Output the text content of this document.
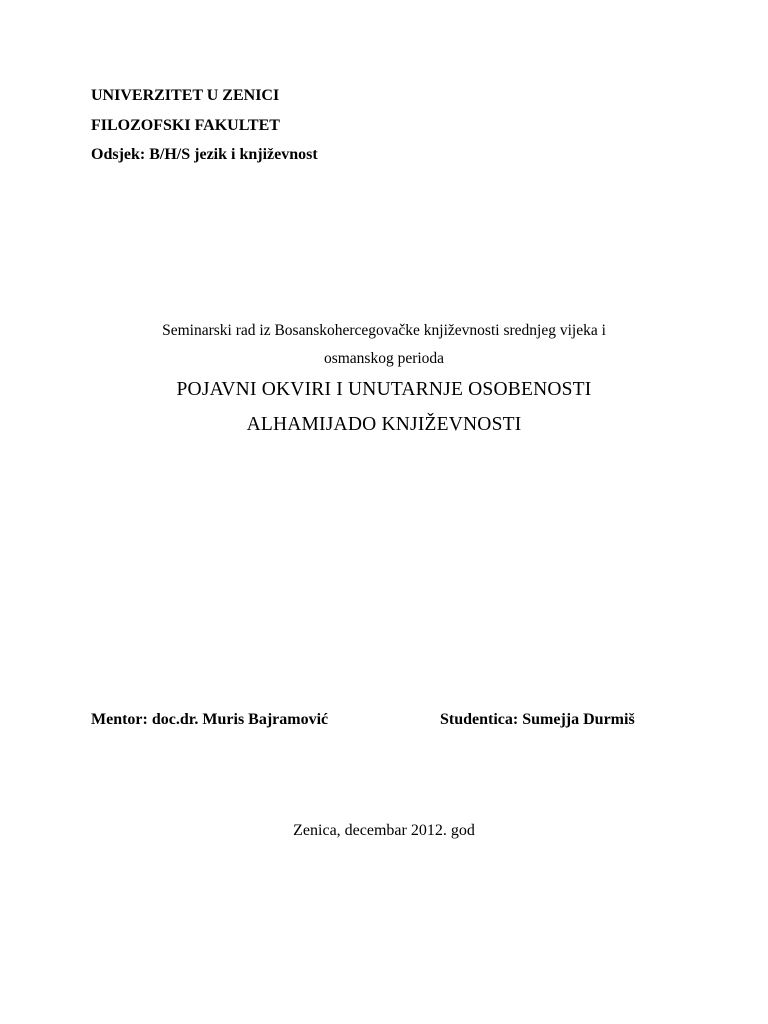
UNIVERZITET U ZENICI
FILOZOFSKI FAKULTET
Odsjek: B/H/S jezik i književnost
Seminarski rad iz Bosanskohercegovačke književnosti srednjeg vijeka i
osmanskog perioda
POJAVNI OKVIRI I UNUTARNJE OSOBENOSTI
ALHAMIJADO KNJIŽEVNOSTI
Mentor: doc.dr. Muris Bajramović	Studentica: Sumejja Durmiš
Zenica, decembar 2012. god
